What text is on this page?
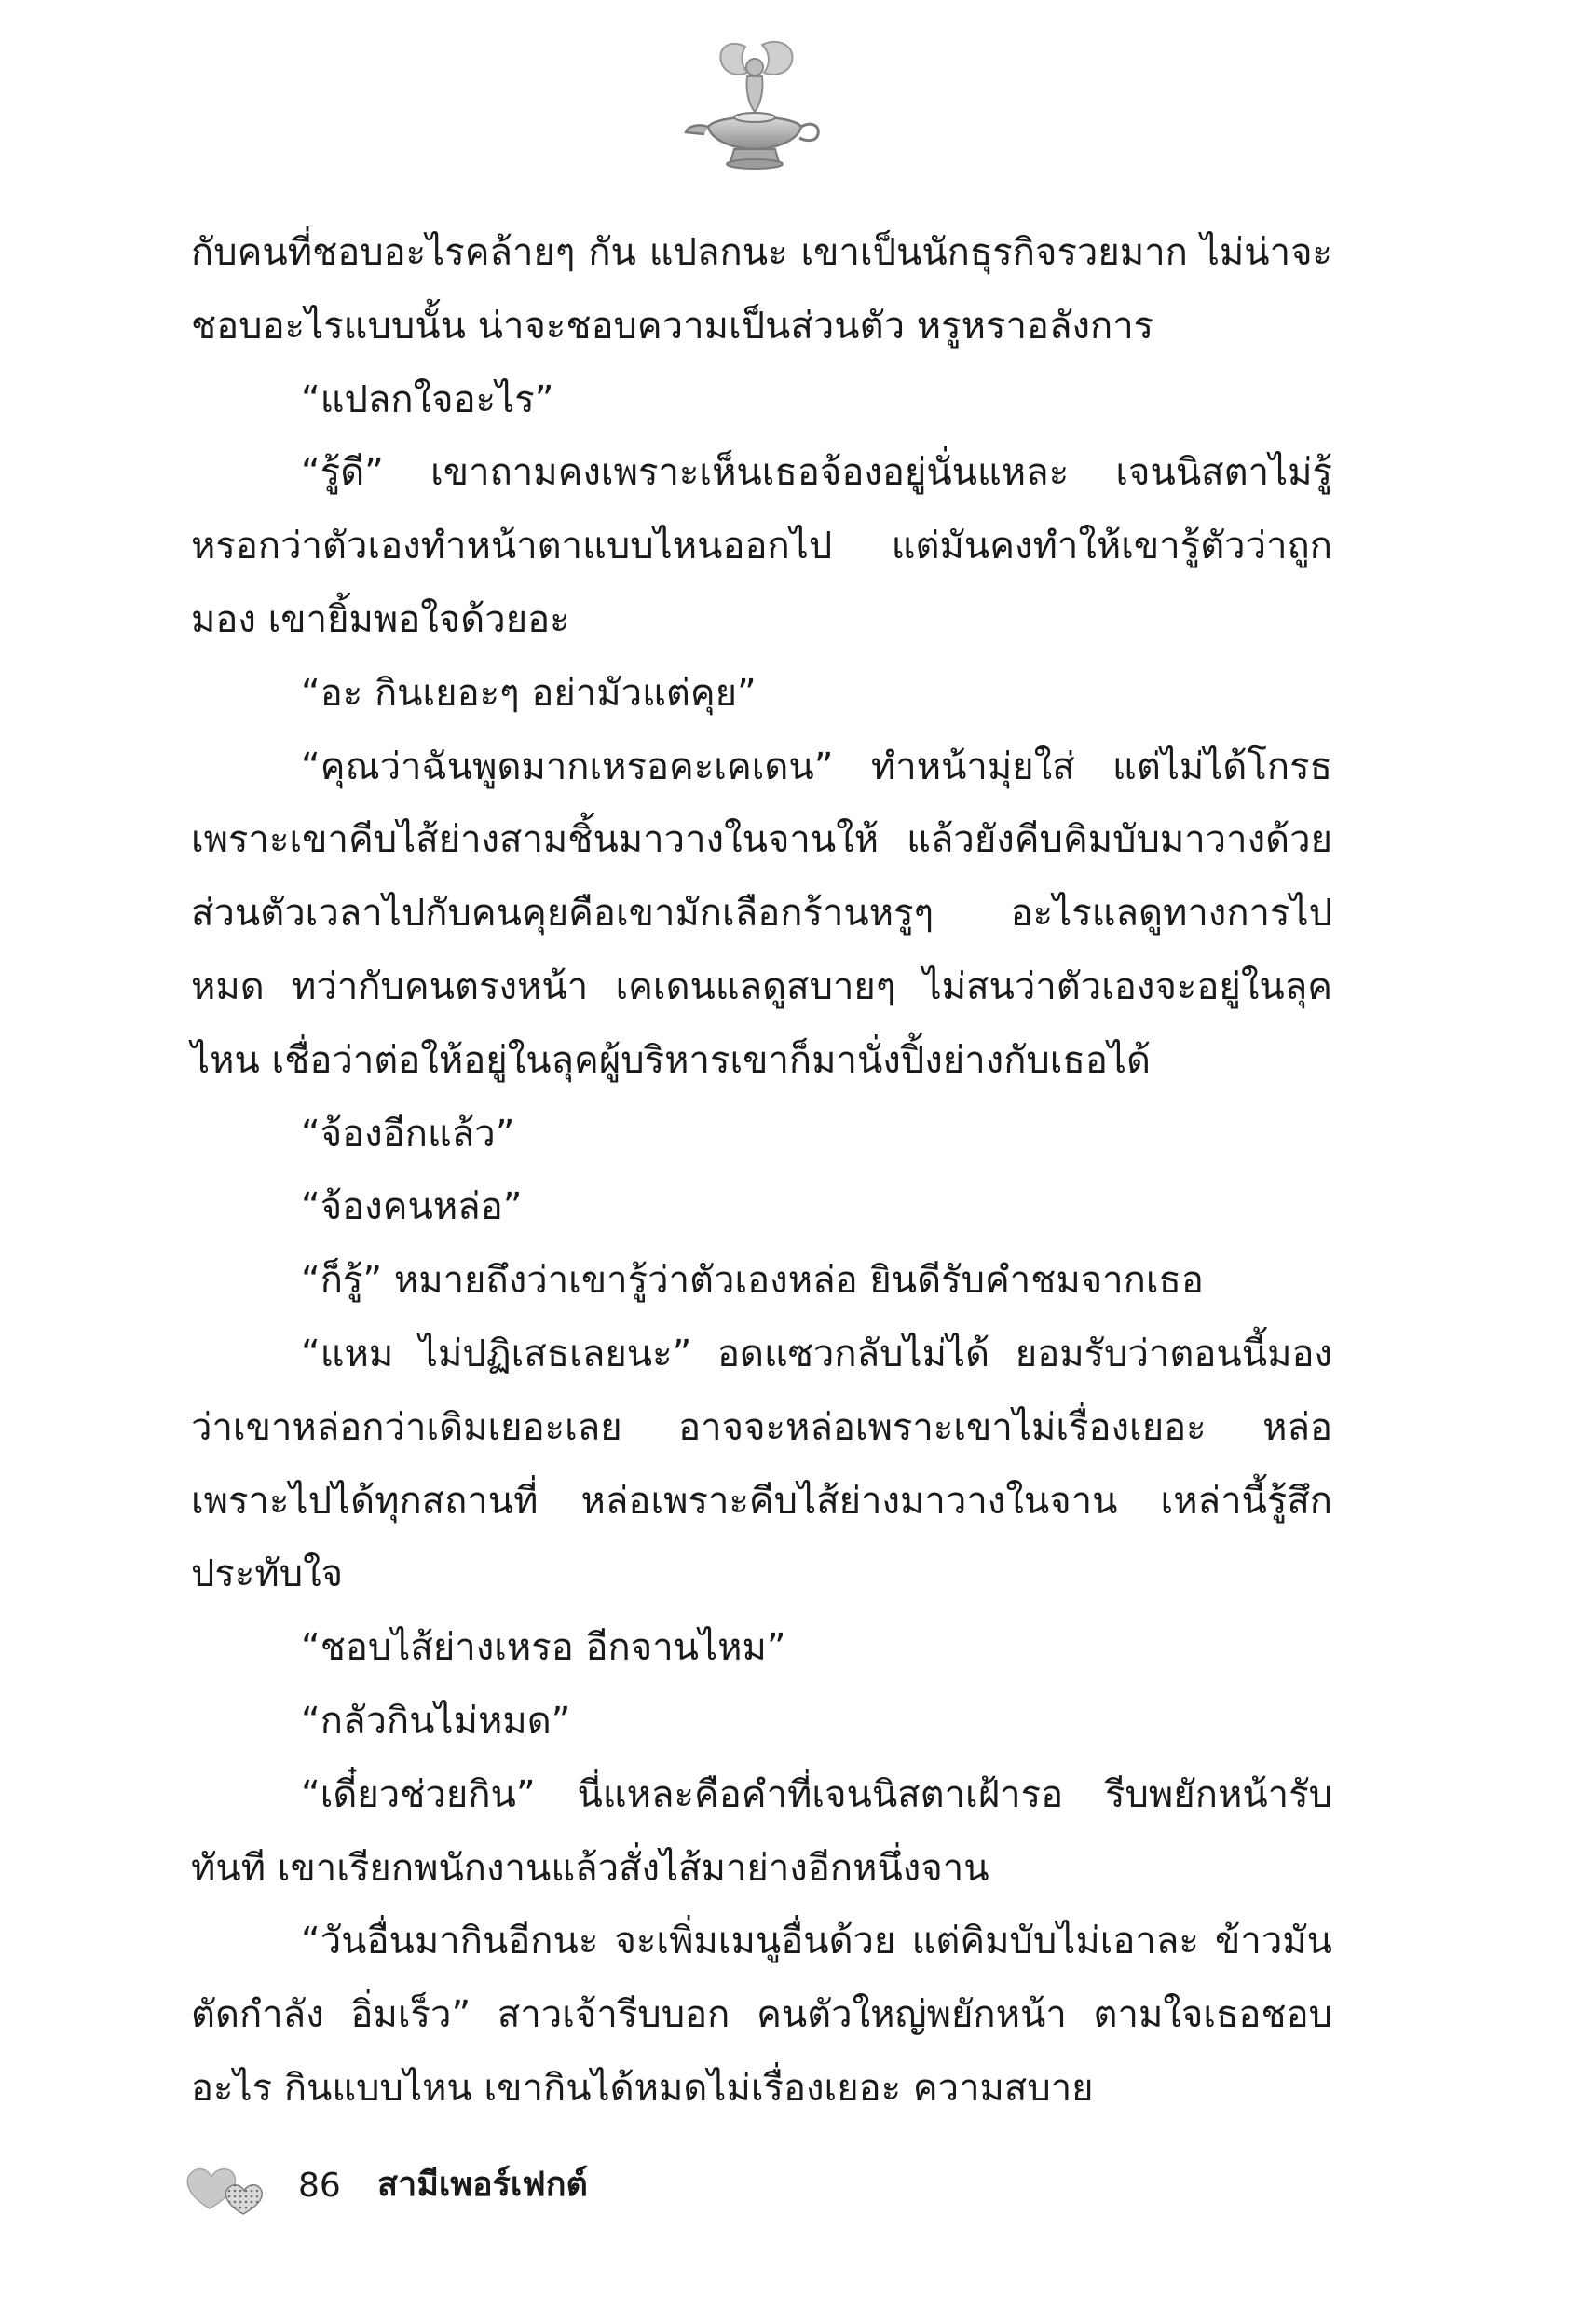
กับคนที่ชอบอะไรคล้ายๆ กัน แปลกนะ เขาเป็นนักธุรกิจรวยมาก ไม่น่าจะชอบอะไรแบบนั้น น่าจะชอบความเป็นส่วนตัว หรูหราอลังการ

“แปลกใจอะไร”

“รู้ดี” เขาถามคงเพราะเห็นเธอจ้องอยู่นั่นแหละ เจนนิสตาไม่รู้หรอกว่าตัวเองทำหน้าตาแบบไหนออกไป แต่มันคงทำให้เขารู้ตัวว่าถูกมอง เขายิ้มพอใจด้วยอะ

“อะ กินเยอะๆ อย่ามัวแต่คุย”

“คุณว่าฉันพูดมากเหรอคะเคเดน” ทำหน้ามุ่ยใส่ แต่ไม่ได้โกรธเพราะเขาคีบไส้ย่างสามชิ้นมาวางในจานให้ แล้วยังคีบคิมบับมาวางด้วย ส่วนตัวเวลาไปกับคนคุยคือเขามักเลือกร้านหรูๆ อะไรแลดูทางการไปหมด ทว่ากับคนตรงหน้า เคเดนแลดูสบายๆ ไม่สนว่าตัวเองจะอยู่ในลุคไหน เชื่อว่าต่อให้อยู่ในลุคผู้บริหารเขาก็มานั่งปิ้งย่างกับเธอได้

“จ้องอีกแล้ว”

“จ้องคนหล่อ”

“ก็รู้” หมายถึงว่าเขารู้ว่าตัวเองหล่อ ยินดีรับคำชมจากเธอ

“แหม ไม่ปฏิเสธเลยนะ” อดแซวกลับไม่ได้ ยอมรับว่าตอนนี้มองว่าเขาหล่อกว่าเดิมเยอะเลย อาจจะหล่อเพราะเขาไม่เรื่องเยอะ หล่อเพราะไปได้ทุกสถานที่ หล่อเพราะคีบไส้ย่างมาวางในจาน เหล่านี้รู้สึกประทับใจ

“ชอบไส้ย่างเหรอ อีกจานไหม”

“กลัวกินไม่หมด”

“เดี๋ยวช่วยกิน” นี่แหละคือคำที่เจนนิสตาเฝ้ารอ รีบพยักหน้ารับทันที เขาเรียกพนักงานแล้วสั่งไส้มาย่างอีกหนึ่งจาน

“วันอื่นมากินอีกนะ จะเพิ่มเมนูอื่นด้วย แต่คิมบับไม่เอาละ ข้าวมันตัดกำลัง อิ่มเร็ว” สาวเจ้ารีบบอก คนตัวใหญ่พยักหน้า ตามใจเธอชอบอะไร กินแบบไหน เขากินได้หมดไม่เรื่องเยอะ ความสบาย

86 สามีเพอร์เฟกต์
